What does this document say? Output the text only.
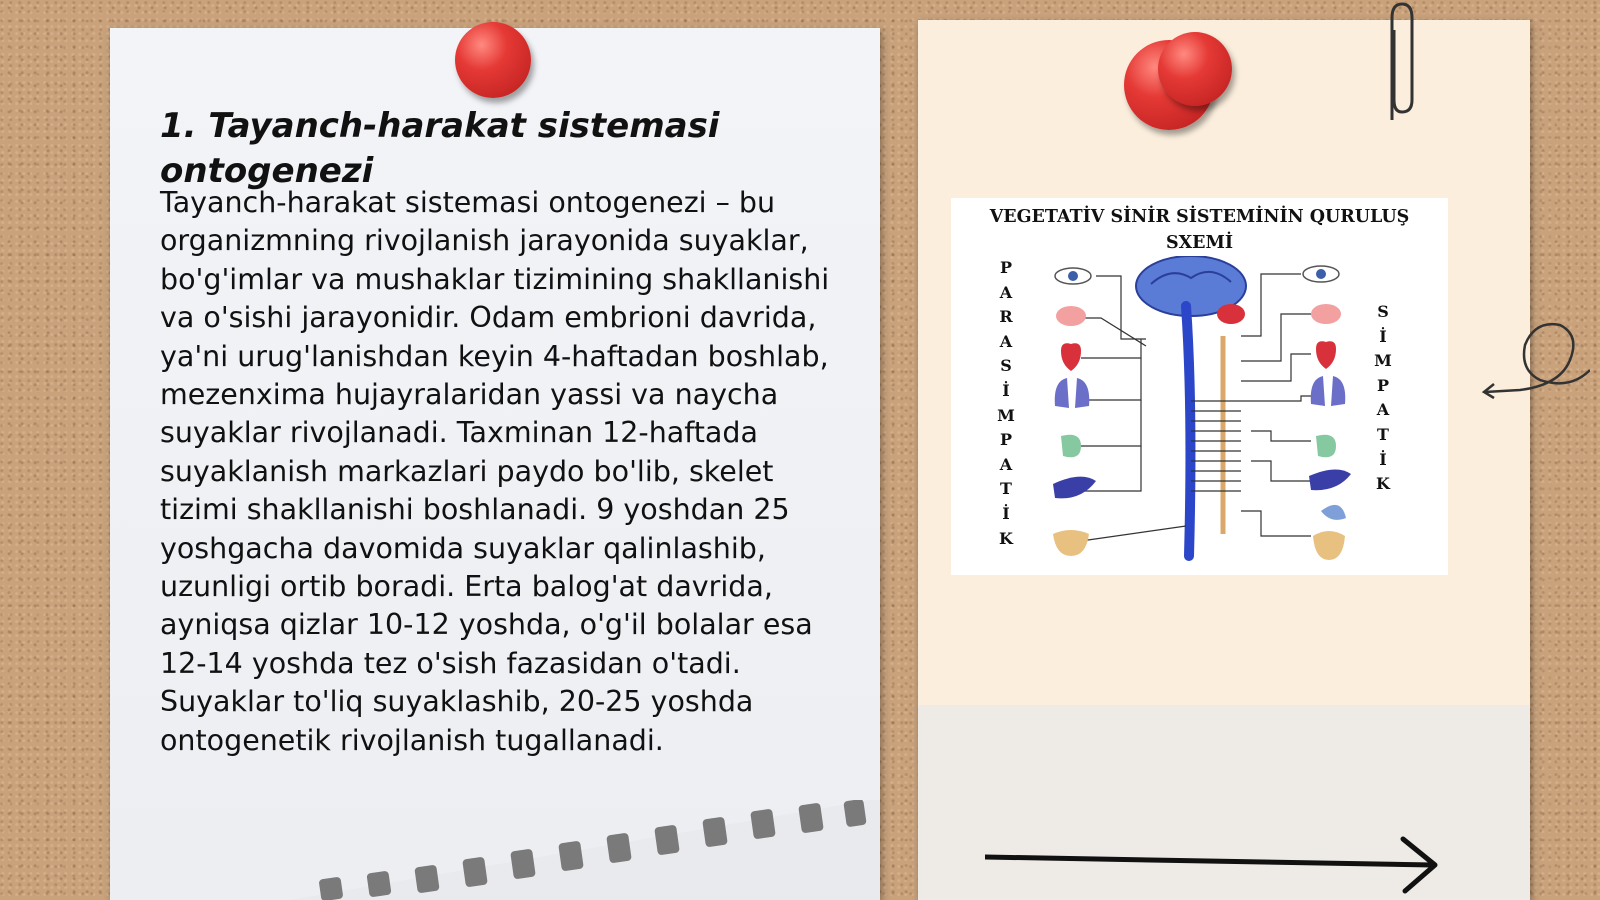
1. Tayanch-harakat sistemasi ontogenezi

Tayanch-harakat sistemasi ontogenezi – bu organizmning rivojlanish jarayonida suyaklar, bo'g'imlar va mushaklar tizimining shakllanishi va o'sishi jarayonidir. Odam embrioni davrida, ya'ni urug'lanishdan keyin 4-haftadan boshlab, mezenxima hujayralaridan yassi va naycha suyaklar rivojlanadi. Taxminan 12-haftada suyaklanish markazlari paydo bo'lib, skelet tizimi shakllanishi boshlanadi. 9 yoshdan 25 yoshgacha davomida suyaklar qalinlashib, uzunligi ortib boradi. Erta balog'at davrida, ayniqsa qizlar 10-12 yoshda, o'g'il bolalar esa 12-14 yoshda tez o'sish fazasidan o'tadi. Suyaklar to'liq suyaklashib, 20-25 yoshda ontogenetik rivojlanish tugallanadi.

VEGETATİV SİNİR SİSTEMİNİN QURULUŞ
SXEMİ
P
A
R
A
S
İ
M
P
A
T
İ
K
S
İ
M
P
A
T
İ
K
